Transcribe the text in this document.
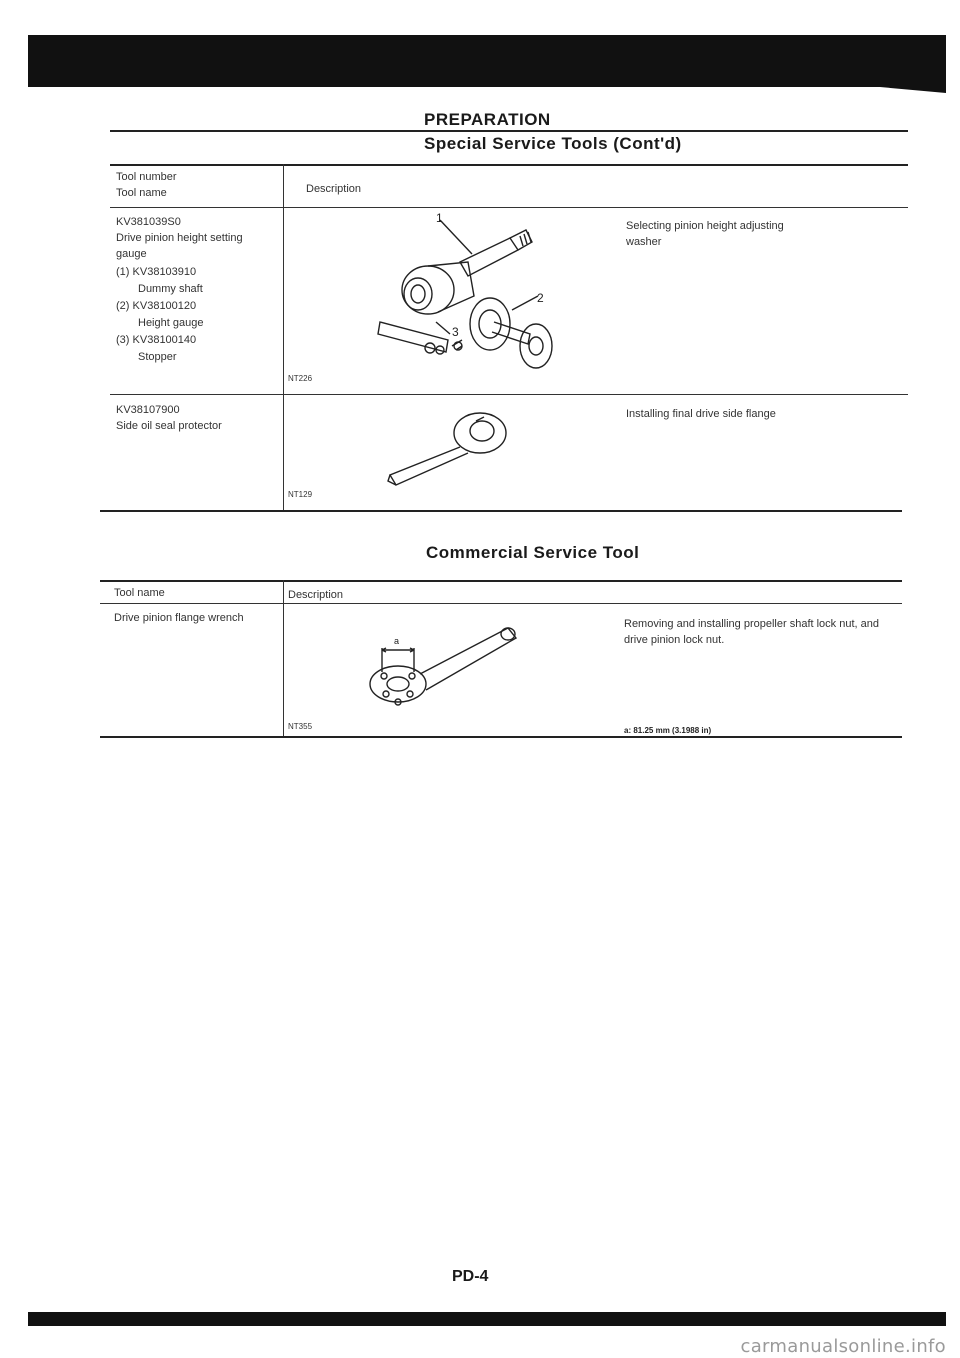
PREPARATION
Special Service Tools (Cont'd)
Tool number
Tool name	Description
KV381039S0
Drive pinion height setting gauge
(1) KV38103910
Dummy shaft
(2) KV38100120
Height gauge
(3) KV38100140
Stopper
1
2
3
NT226
Selecting pinion height adjusting washer
KV38107900
Side oil seal protector
NT129
Installing final drive side flange
Commercial Service Tool
Tool name	Description
Drive pinion flange wrench
a
NT355
Removing and installing propeller shaft lock nut, and drive pinion lock nut.
a: 81.25 mm (3.1988 in)
PD-4
carmanualsonline.info
